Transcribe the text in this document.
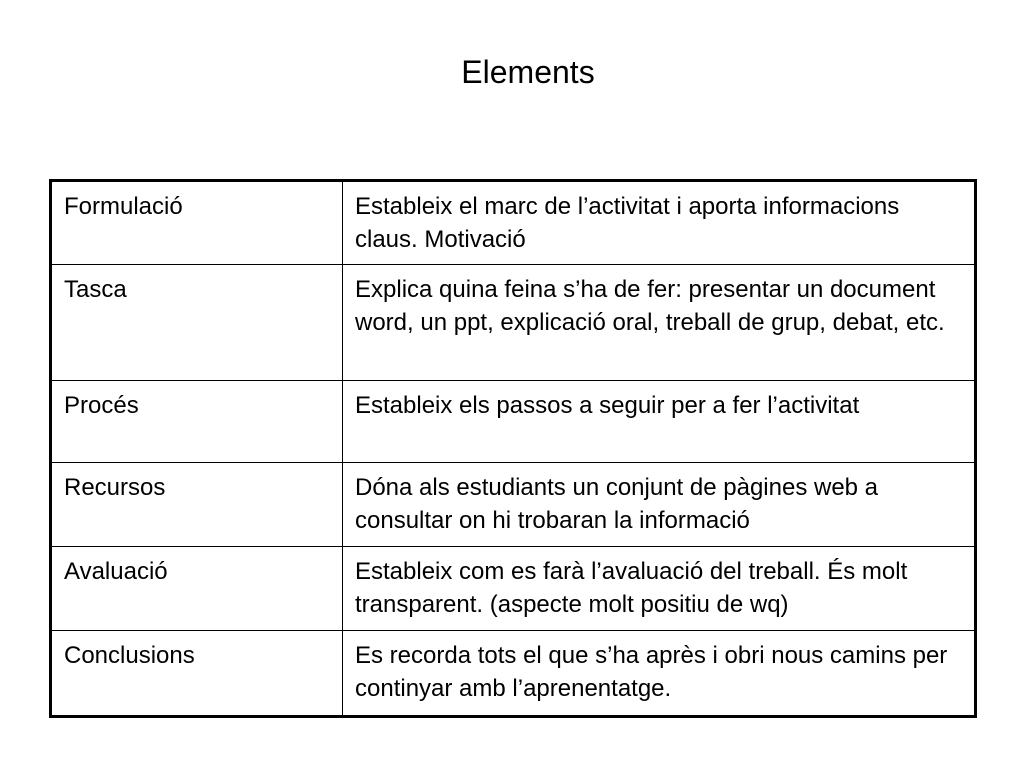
Elements
Formulació	Estableix el marc de l’activitat i aporta informacions claus. Motivació
Tasca	Explica quina feina s’ha de fer: presentar un document word, un ppt, explicació oral, treball de grup, debat, etc.
Procés	Estableix els passos a seguir per a fer l’activitat
Recursos	Dóna als estudiants un conjunt de pàgines web a consultar on hi trobaran la informació
Avaluació	Estableix com es farà l’avaluació del treball. És molt transparent. (aspecte molt positiu de wq)
Conclusions	Es recorda tots el que s’ha après i obri nous camins per continyar amb l’aprenentatge.
